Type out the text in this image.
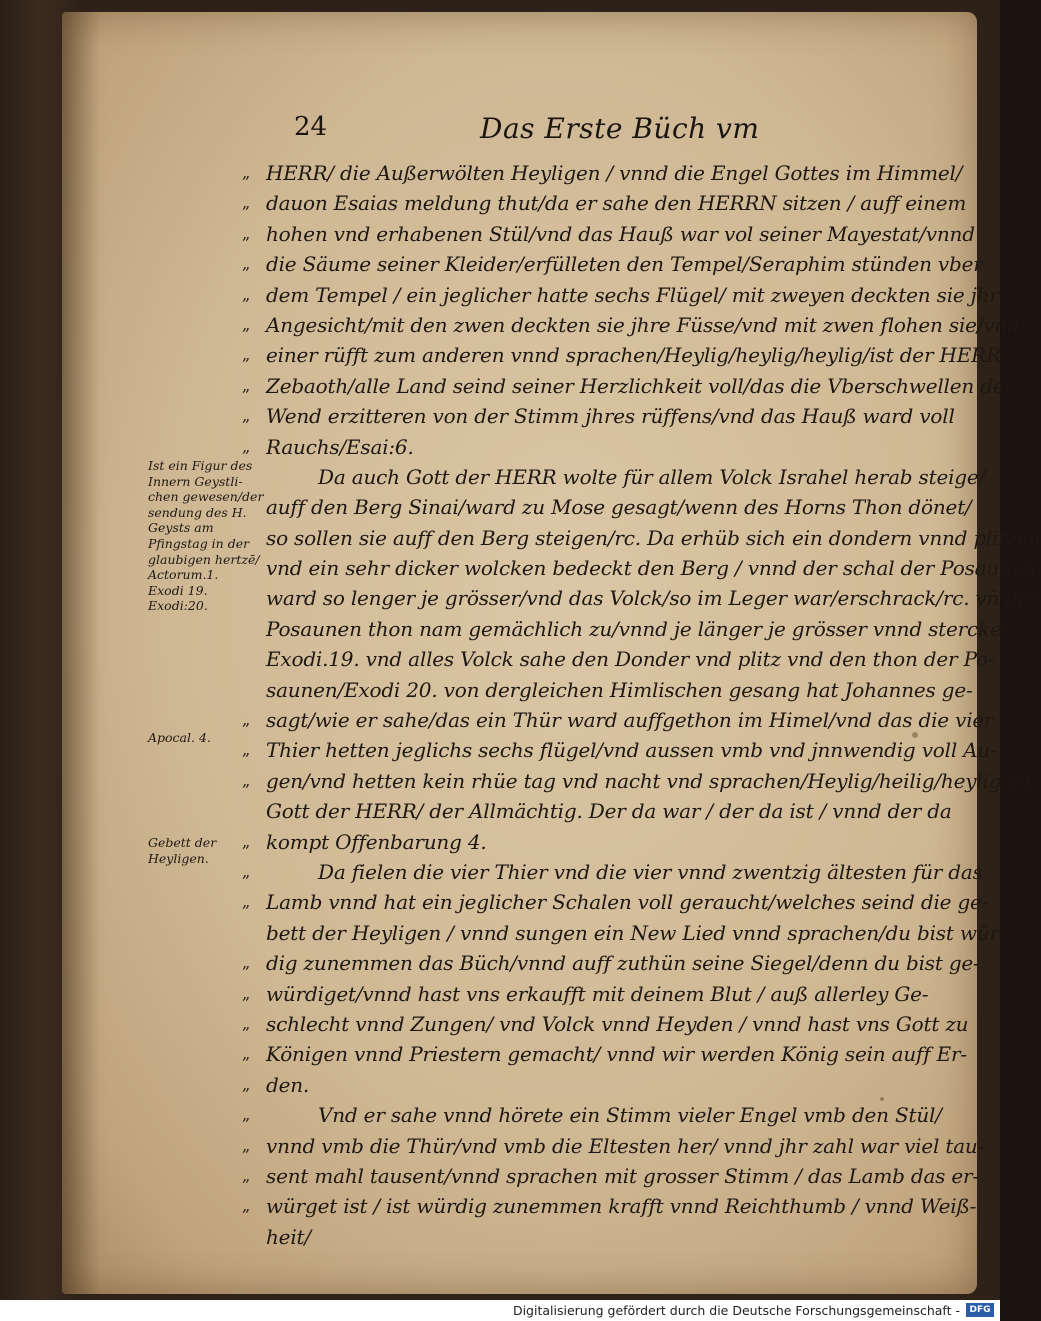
24	Das Erste Büch vm
„ HERR/ die Außerwölten Heyligen / vnnd die Engel Gottes im Himmel/
„ dauon Esaias meldung thut/da er sahe den HERRN sitzen / auff einem
„ hohen vnd erhabenen Stül/vnd das Hauß war vol seiner Mayestat/vnnd
„ die Säume seiner Kleider/erfülleten den Tempel/Seraphim stünden vber
„ dem Tempel / ein jeglicher hatte sechs Flügel/ mit zweyen deckten sie jhr
„ Angesicht/mit den zwen deckten sie jhre Füsse/vnd mit zwen flohen sie/vnd
„ einer rüfft zum anderen vnnd sprachen/Heylig/heylig/heylig/ist der HERR
„ Zebaoth/alle Land seind seiner Herzlichkeit voll/das die Vberschwellen der
„ Wend erzitteren von der Stimm jhres rüffens/vnd das Hauß ward voll
„ Rauchs/Esai:6.
Da auch Gott der HERR wolte für allem Volck Israhel herab steige/
auff den Berg Sinai/ward zu Mose gesagt/wenn des Horns Thon dönet/
so sollen sie auff den Berg steigen/rc. Da erhüb sich ein dondern vnnd plitzen
vnd ein sehr dicker wolcken bedeckt den Berg / vnnd der schal der Posaunen
ward so lenger je grösser/vnd das Volck/so im Leger war/erschrack/rc. vñ der
Posaunen thon nam gemächlich zu/vnnd je länger je grösser vnnd stercker
Exodi.19. vnd alles Volck sahe den Donder vnd plitz vnd den thon der Po-
saunen/Exodi 20. von dergleichen Himlischen gesang hat Johannes ge-
„ sagt/wie er sahe/das ein Thür ward auffgethon im Himel/vnd das die vier
„ Thier hetten jeglichs sechs flügel/vnd aussen vmb vnd jnnwendig voll Au-
„ gen/vnd hetten kein rhüe tag vnd nacht vnd sprachen/Heylig/heilig/heylig ist
Gott der HERR/ der Allmächtig. Der da war / der da ist / vnnd der da
„ kompt Offenbarung 4.
„	Da fielen die vier Thier vnd die vier vnnd zwentzig ältesten für das
„ Lamb vnnd hat ein jeglicher Schalen voll geraucht/welches seind die ge-
bett der Heyligen / vnnd sungen ein New Lied vnnd sprachen/du bist wür-
„ dig zunemmen das Büch/vnnd auff zuthün seine Siegel/denn du bist ge-
„ würdiget/vnnd hast vns erkaufft mit deinem Blut / auß allerley Ge-
„ schlecht vnnd Zungen/ vnd Volck vnnd Heyden / vnnd hast vns Gott zu
„ Königen vnnd Priestern gemacht/ vnnd wir werden König sein auff Er-
„ den.
„	Vnd er sahe vnnd hörete ein Stimm vieler Engel vmb den Stül/
„ vnnd vmb die Thür/vnd vmb die Eltesten her/ vnnd jhr zahl war viel tau-
„ sent mahl tausent/vnnd sprachen mit grosser Stimm / das Lamb das er-
„ würget ist / ist würdig zunemmen krafft vnnd Reichthumb / vnnd Weiß-
heit/
Ist ein Figur des
Innern Geystli-
chen gewesen/der
sendung des H.
Geysts am
Pfingstag in der
glaubigen hertzē/
Actorum.1.
Exodi 19.
Exodi:20.
Apocal. 4.
Gebett der
Heyligen.
Digitalisierung gefördert durch die Deutsche Forschungsgemeinschaft -	DFG
